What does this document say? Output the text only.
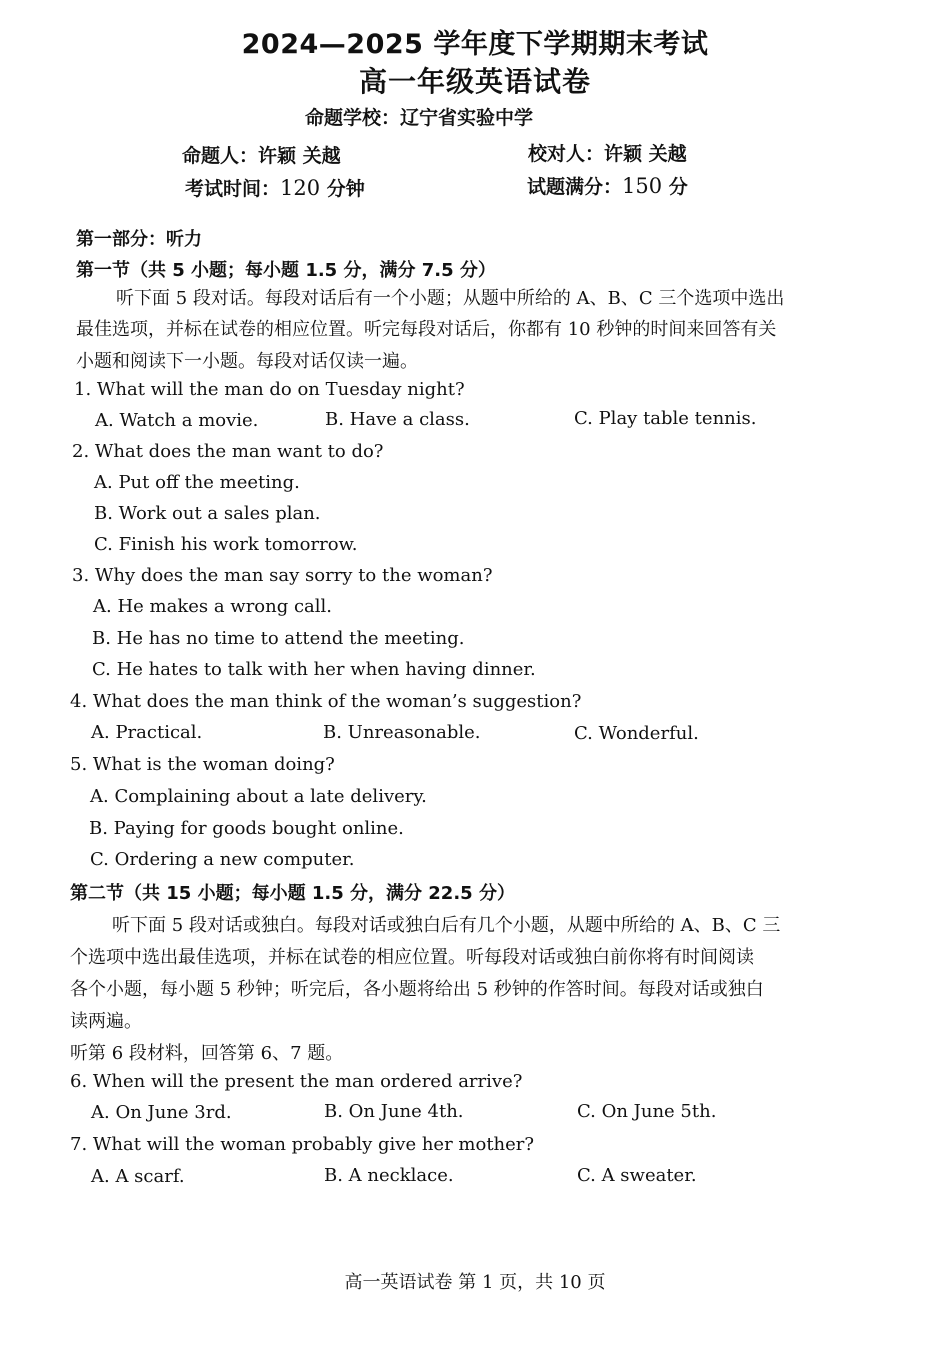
2024—2025 学年度下学期期末考试
高一年级英语试卷
命题学校：辽宁省实验中学
命题人：许颖 关越	校对人：许颖 关越
考试时间：120 分钟	试题满分：150 分
第一部分：听力
第一节（共 5 小题；每小题 1.5 分，满分 7.5 分）
听下面 5 段对话。每段对话后有一个小题；从题中所给的 A、B、C 三个选项中选出
最佳选项，并标在试卷的相应位置。听完每段对话后，你都有 10 秒钟的时间来回答有关
小题和阅读下一小题。每段对话仅读一遍。
1. What will the man do on Tuesday night?
A. Watch a movie.	B. Have a class.	C. Play table tennis.
2. What does the man want to do?
A. Put off the meeting.
B. Work out a sales plan.
C. Finish his work tomorrow.
3. Why does the man say sorry to the woman?
A. He makes a wrong call.
B. He has no time to attend the meeting.
C. He hates to talk with her when having dinner.
4. What does the man think of the woman’s suggestion?
A. Practical.	B. Unreasonable.	C. Wonderful.
5. What is the woman doing?
A. Complaining about a late delivery.
B. Paying for goods bought online.
C. Ordering a new computer.
第二节（共 15 小题；每小题 1.5 分，满分 22.5 分）
听下面 5 段对话或独白。每段对话或独白后有几个小题，从题中所给的 A、B、C 三
个选项中选出最佳选项，并标在试卷的相应位置。听每段对话或独白前你将有时间阅读
各个小题，每小题 5 秒钟；听完后，各小题将给出 5 秒钟的作答时间。每段对话或独白
读两遍。
听第 6 段材料，回答第 6、7 题。
6. When will the present the man ordered arrive?
A. On June 3rd.	B. On June 4th.	C. On June 5th.
7. What will the woman probably give her mother?
A. A scarf.	B. A necklace.	C. A sweater.
高一英语试卷 第 1 页，共 10 页
